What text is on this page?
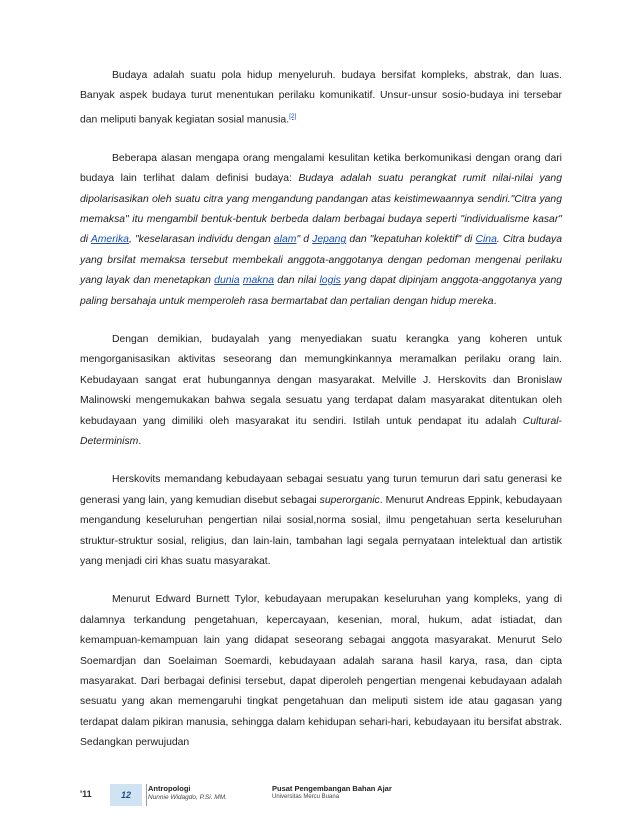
Budaya adalah suatu pola hidup menyeluruh. budaya bersifat kompleks, abstrak, dan luas. Banyak aspek budaya turut menentukan perilaku komunikatif. Unsur-unsur sosio-budaya ini tersebar dan meliputi banyak kegiatan sosial manusia.[2]

Beberapa alasan mengapa orang mengalami kesulitan ketika berkomunikasi dengan orang dari budaya lain terlihat dalam definisi budaya: Budaya adalah suatu perangkat rumit nilai-nilai yang dipolarisasikan oleh suatu citra yang mengandung pandangan atas keistimewaannya sendiri."Citra yang memaksa" itu mengambil bentuk-bentuk berbeda dalam berbagai budaya seperti "individualisme kasar" di Amerika, "keselarasan individu dengan alam" d Jepang dan "kepatuhan kolektif" di Cina. Citra budaya yang brsifat memaksa tersebut membekali anggota-anggotanya dengan pedoman mengenai perilaku yang layak dan menetapkan dunia makna dan nilai logis yang dapat dipinjam anggota-anggotanya yang paling bersahaja untuk memperoleh rasa bermartabat dan pertalian dengan hidup mereka.

Dengan demikian, budayalah yang menyediakan suatu kerangka yang koheren untuk mengorganisasikan aktivitas seseorang dan memungkinkannya meramalkan perilaku orang lain. Kebudayaan sangat erat hubungannya dengan masyarakat. Melville J. Herskovits dan Bronislaw Malinowski mengemukakan bahwa segala sesuatu yang terdapat dalam masyarakat ditentukan oleh kebudayaan yang dimiliki oleh masyarakat itu sendiri. Istilah untuk pendapat itu adalah Cultural-Determinism.

Herskovits memandang kebudayaan sebagai sesuatu yang turun temurun dari satu generasi ke generasi yang lain, yang kemudian disebut sebagai superorganic. Menurut Andreas Eppink, kebudayaan mengandung keseluruhan pengertian nilai sosial,norma sosial, ilmu pengetahuan serta keseluruhan struktur-struktur sosial, religius, dan lain-lain, tambahan lagi segala pernyataan intelektual dan artistik yang menjadi ciri khas suatu masyarakat.

Menurut Edward Burnett Tylor, kebudayaan merupakan keseluruhan yang kompleks, yang di dalamnya terkandung pengetahuan, kepercayaan, kesenian, moral, hukum, adat istiadat, dan kemampuan-kemampuan lain yang didapat seseorang sebagai anggota masyarakat. Menurut Selo Soemardjan dan Soelaiman Soemardi, kebudayaan adalah sarana hasil karya, rasa, dan cipta masyarakat. Dari berbagai definisi tersebut, dapat diperoleh pengertian mengenai kebudayaan adalah sesuatu yang akan memengaruhi tingkat pengetahuan dan meliputi sistem ide atau gagasan yang terdapat dalam pikiran manusia, sehingga dalam kehidupan sehari-hari, kebudayaan itu bersifat abstrak. Sedangkan perwujudan

'11	12
Antropologi
Nunnie Widagdo, P.Si. MM.
Pusat Pengembangan Bahan Ajar
Universitas Mercu Buana
